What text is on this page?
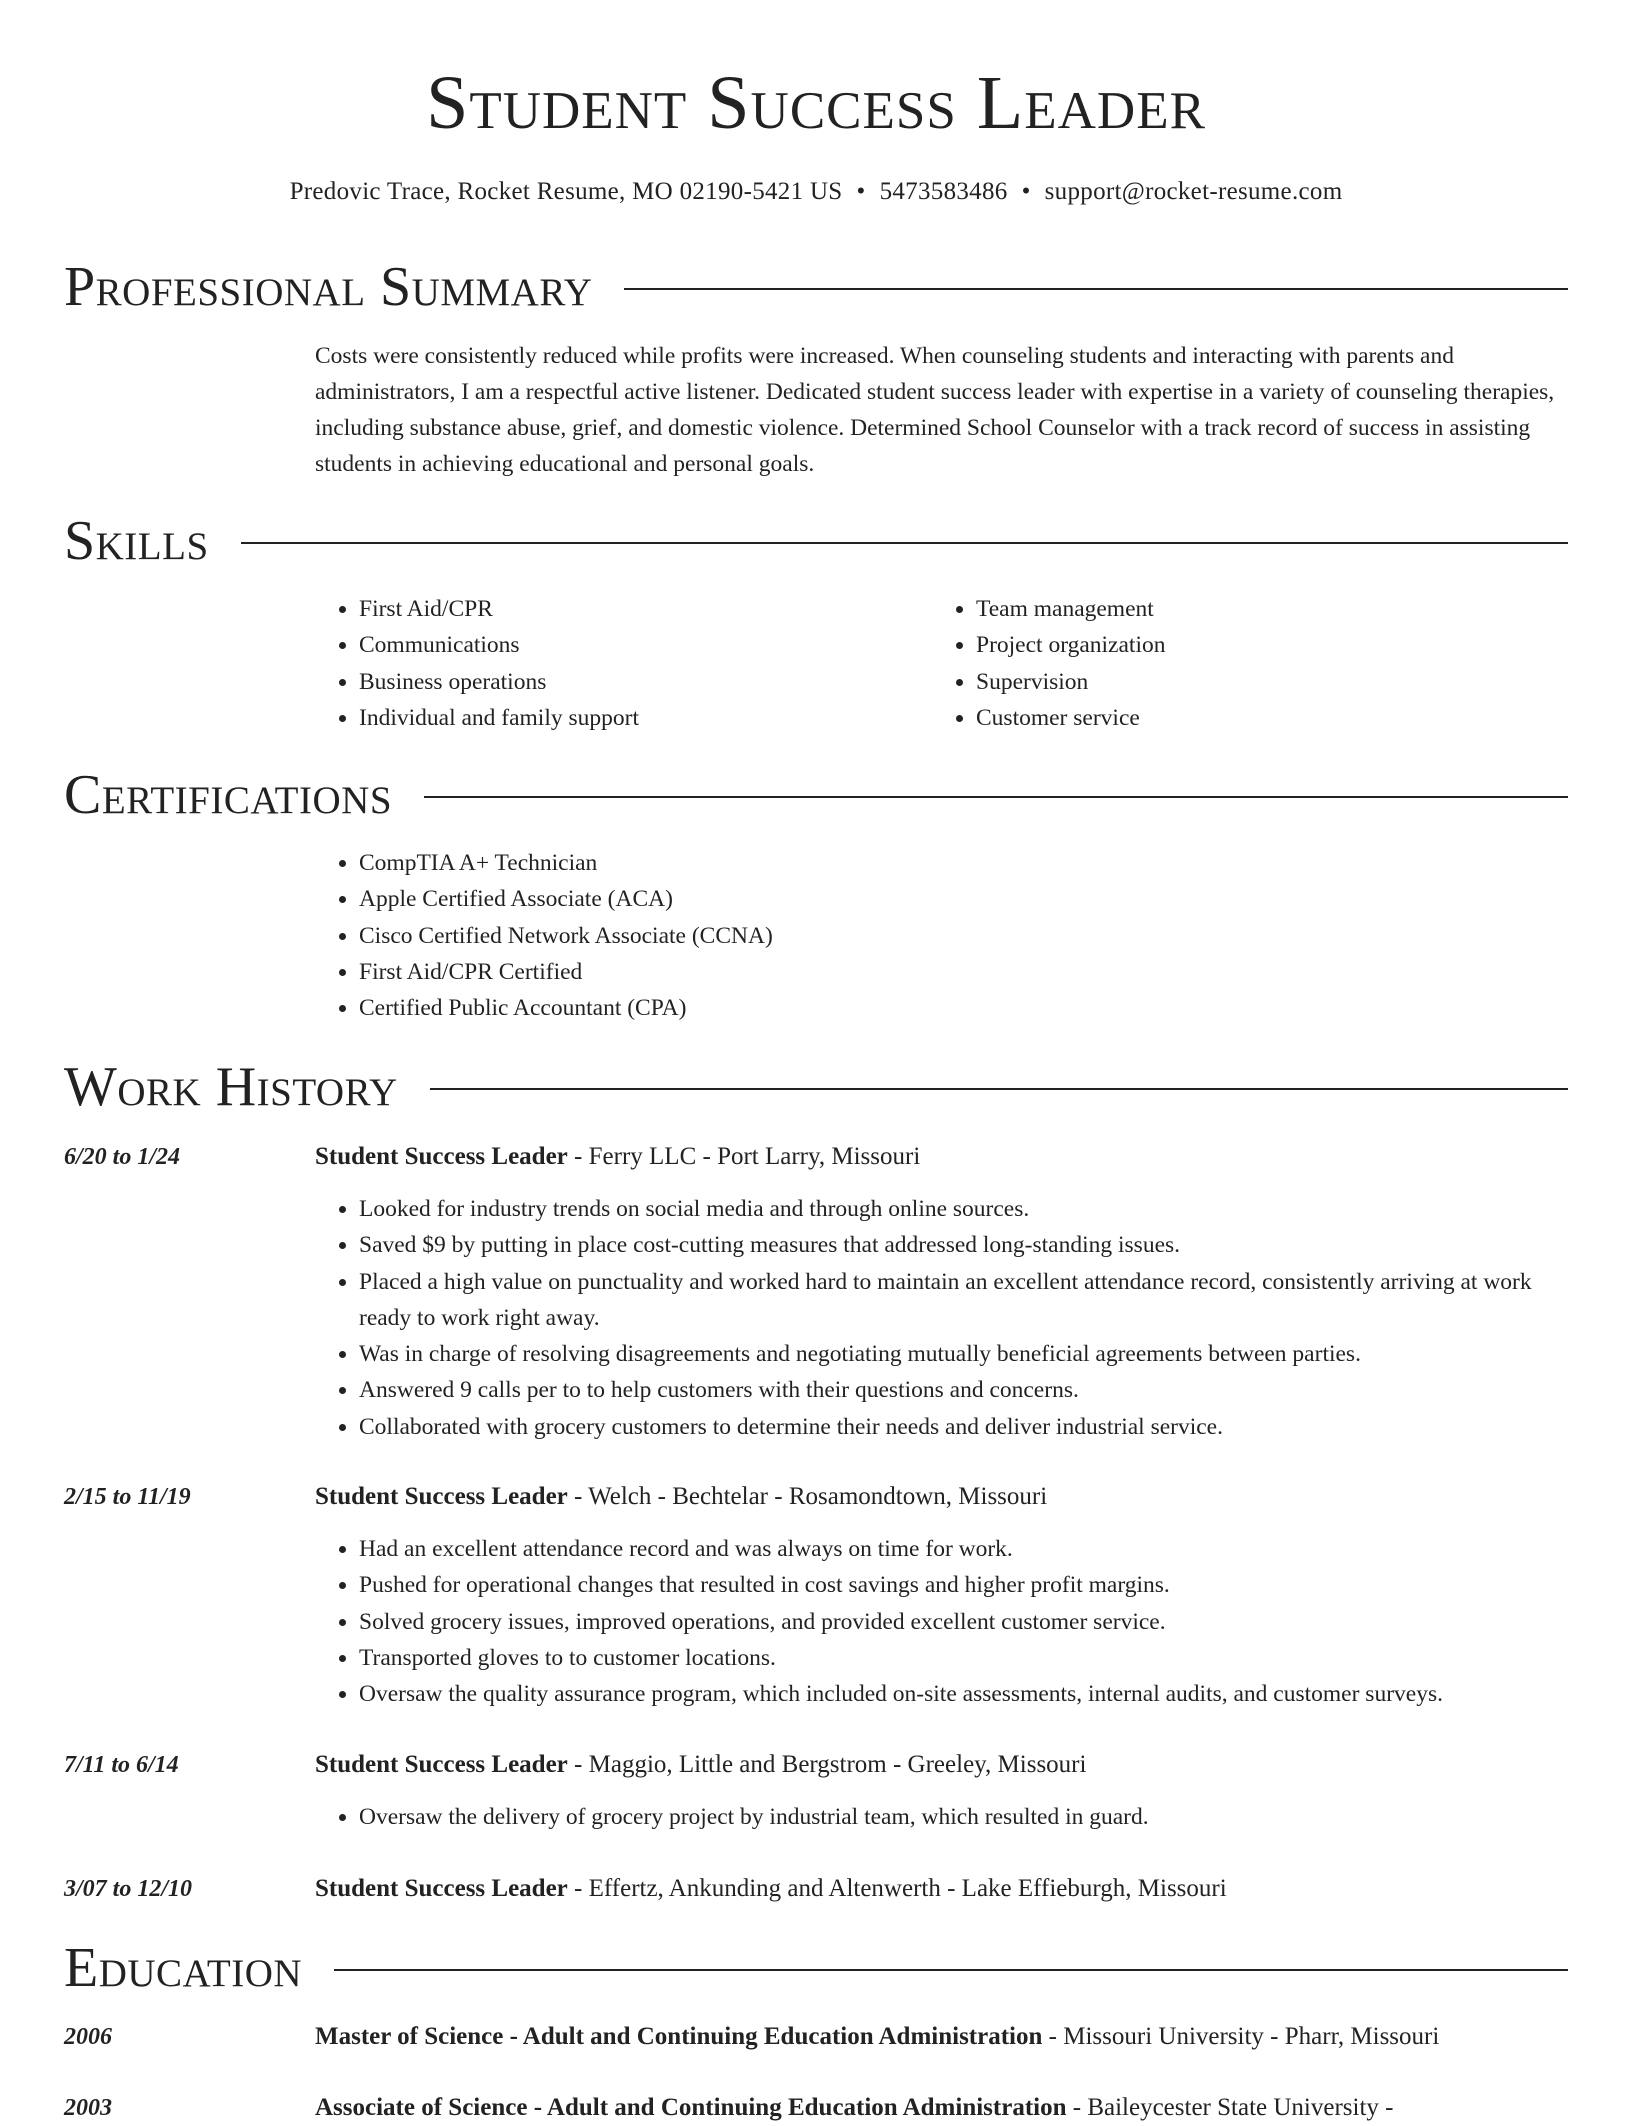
Student Success Leader
Predovic Trace, Rocket Resume, MO 02190-5421 US • 5473583486 • support@rocket-resume.com
Professional Summary

Costs were consistently reduced while profits were increased. When counseling students and interacting with parents and administrators, I am a respectful active listener. Dedicated student success leader with expertise in a variety of counseling therapies, including substance abuse, grief, and domestic violence. Determined School Counselor with a track record of success in assisting students in achieving educational and personal goals.

Skills
• First Aid/CPR
• Communications
• Business operations
• Individual and family support
• Team management
• Project organization
• Supervision
• Customer service
Certifications
• CompTIA A+ Technician
• Apple Certified Associate (ACA)
• Cisco Certified Network Associate (CCNA)
• First Aid/CPR Certified
• Certified Public Accountant (CPA)
Work History
6/20 to 1/24	Student Success Leader - Ferry LLC - Port Larry, Missouri
• Looked for industry trends on social media and through online sources.
• Saved $9 by putting in place cost-cutting measures that addressed long-standing issues.
• Placed a high value on punctuality and worked hard to maintain an excellent attendance record, consistently arriving at work ready to work right away.
• Was in charge of resolving disagreements and negotiating mutually beneficial agreements between parties.
• Answered 9 calls per to to help customers with their questions and concerns.
• Collaborated with grocery customers to determine their needs and deliver industrial service.
2/15 to 11/19	Student Success Leader - Welch - Bechtelar - Rosamondtown, Missouri
• Had an excellent attendance record and was always on time for work.
• Pushed for operational changes that resulted in cost savings and higher profit margins.
• Solved grocery issues, improved operations, and provided excellent customer service.
• Transported gloves to to customer locations.
• Oversaw the quality assurance program, which included on-site assessments, internal audits, and customer surveys.
7/11 to 6/14	Student Success Leader - Maggio, Little and Bergstrom - Greeley, Missouri
• Oversaw the delivery of grocery project by industrial team, which resulted in guard.
3/07 to 12/10	Student Success Leader - Effertz, Ankunding and Altenwerth - Lake Effieburgh, Missouri
Education
2006	Master of Science - Adult and Continuing Education Administration - Missouri University - Pharr, Missouri
2003	Associate of Science - Adult and Continuing Education Administration - Baileycester State University -
